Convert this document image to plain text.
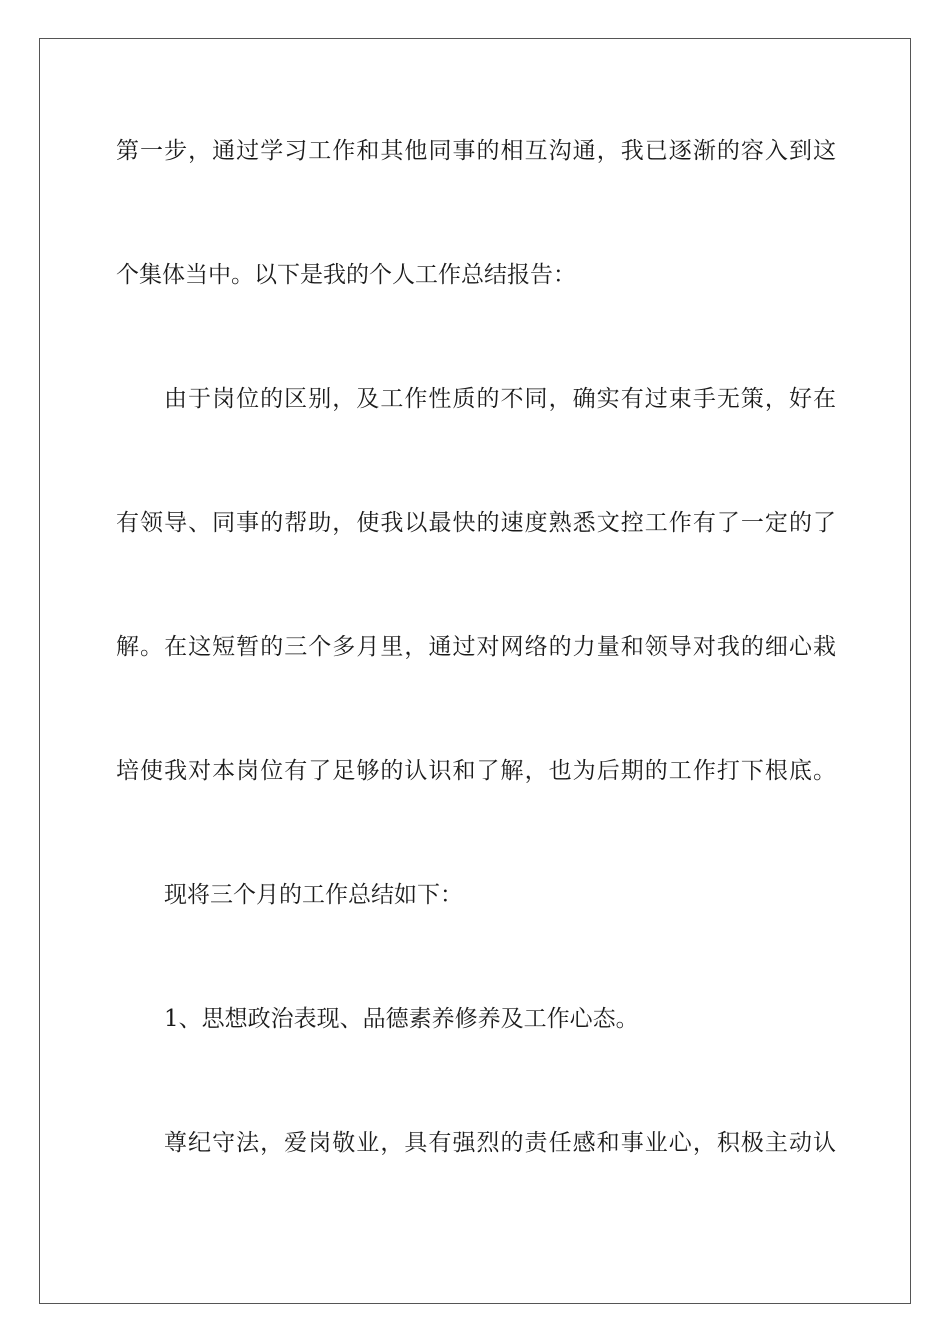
第一步，通过学习工作和其他同事的相互沟通，我已逐渐的容入到这
个集体当中。以下是我的个人工作总结报告：
由于岗位的区别，及工作性质的不同，确实有过束手无策，好在
有领导、同事的帮助，使我以最快的速度熟悉文控工作有了一定的了
解。在这短暂的三个多月里，通过对网络的力量和领导对我的细心栽
培使我对本岗位有了足够的认识和了解，也为后期的工作打下根底。
现将三个月的工作总结如下：
1、思想政治表现、品德素养修养及工作心态。
尊纪守法，爱岗敬业，具有强烈的责任感和事业心，积极主动认
